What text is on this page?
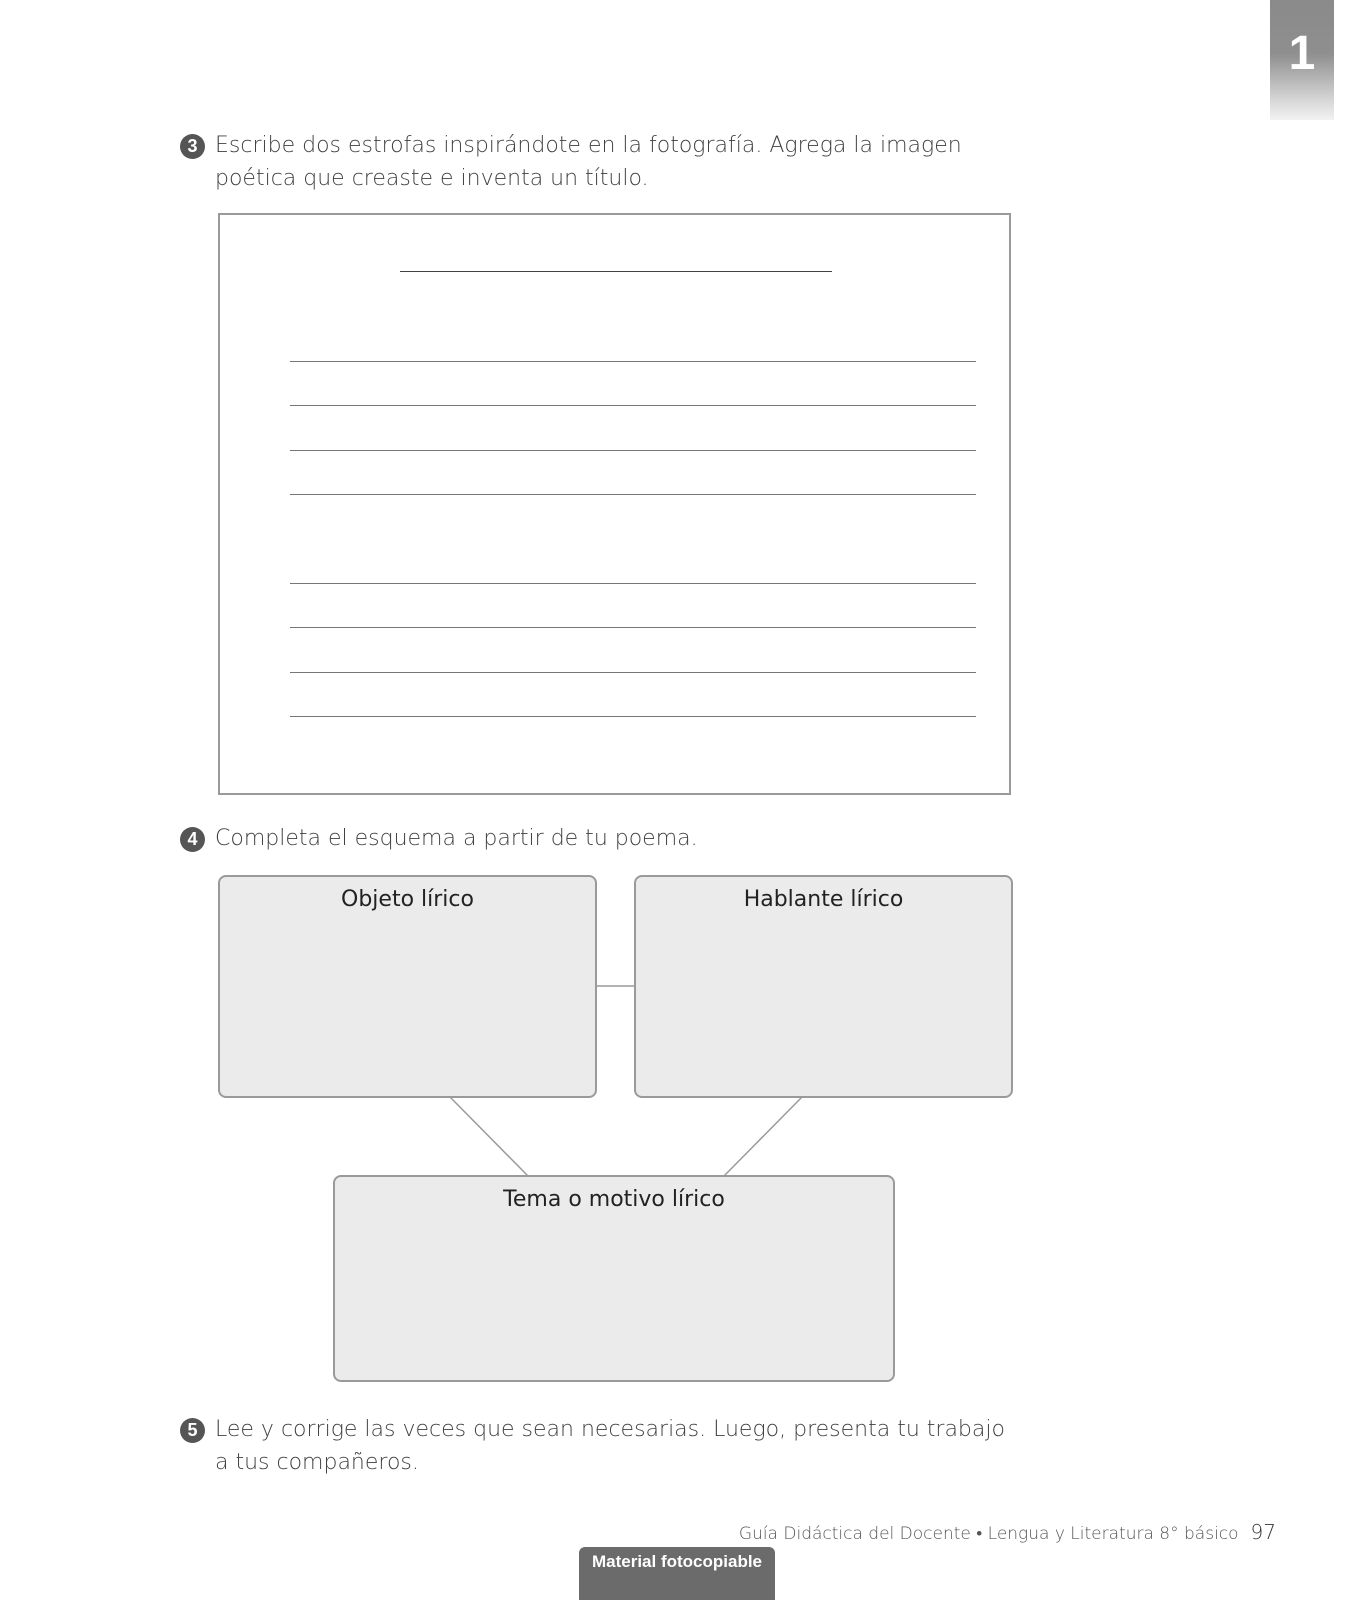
1
3 Escribe dos estrofas inspirándote en la fotografía. Agrega la imagen poética que creaste e inventa un título.
4 Completa el esquema a partir de tu poema.
Objeto lírico	Hablante lírico
Tema o motivo lírico
5 Lee y corrige las veces que sean necesarias. Luego, presenta tu trabajo a tus compañeros.
Guía Didáctica del Docente • Lengua y Literatura 8° básico 97
Material fotocopiable
